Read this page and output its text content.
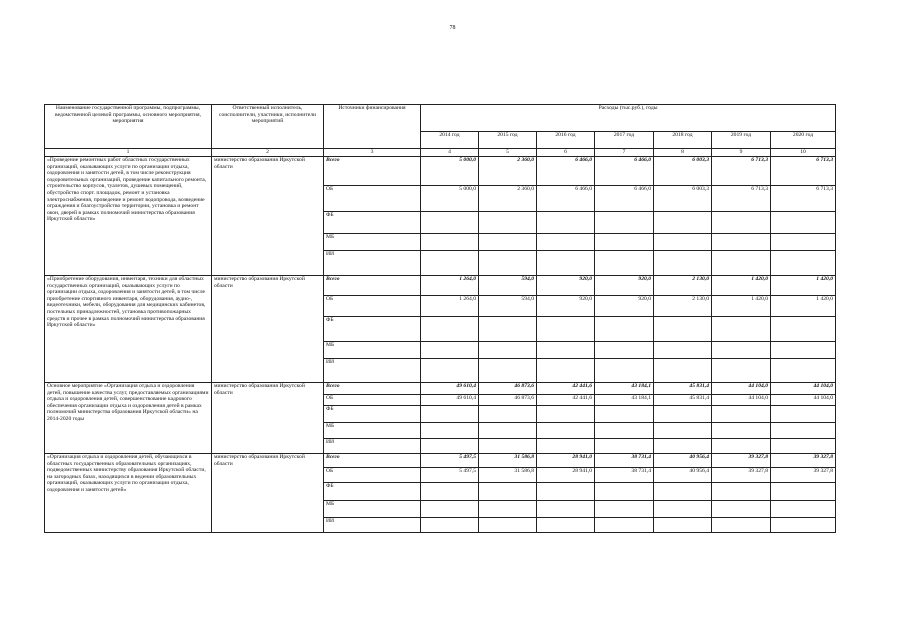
78
Наименование государственной программы, подпрограммы, ведомственной целевой программы, основного мероприятия, мероприятия	Ответственный исполнитель, соисполнители, участники, исполнители мероприятий	Источники финансирования	Расходы (тыс.руб.), годы						
			2014 год	2015 год	2016 год	2017 год	2018 год	2019 год	2020 год
1	2	3	4	5	6	7	8	9	10
«Проведение ремонтных работ областных государственных организаций, оказывающих услуги по организации отдыха, оздоровления и занятости детей, в том числе реконструкция оздоровительных организаций, проведение капитального ремонта, строительство корпусов, туалетов, душевых помещений, обустройство спорт. площадок, ремонт и установка электроснабжения, проведение и ремонт водопровода, возведение ограждения и благоустройство территории, установка и ремонт окон, дверей в рамках полномочий министерства образования Иркутской области»	министерство образования Иркутской области	Всего	5 000,0	2 360,0	6 466,0	6 466,0	6 003,3	6 713,3	6 713,3
		ОБ	5 000,0	2 360,0	6 466,0	6 466,0	6 003,3	6 713,3	6 713,3
		ФБ							
		МБ							
		ИИ							
«Приобретение оборудования, инвентаря, техники для областных государственных организаций, оказывающих услуги по организации отдыха, оздоровления и занятости детей, в том числе приобретение спортивного инвентаря, оборудования, аудио-, видеотехники, мебели, оборудования для медицинских кабинетов, постельных принадлежностей, установка противопожарных средств и прочее в рамках полномочий министерства образования Иркутской области»	министерство образования Иркутской области	Всего	1 264,0	594,0	920,0	920,0	2 130,0	1 420,0	1 420,0
		ОБ	1 264,0	594,0	920,0	920,0	2 130,0	1 420,0	1 420,0
		ФБ							
		МБ							
		ИИ							
Основное мероприятие «Организация отдыха и оздоровления детей, повышение качества услуг, предоставляемых организациями отдыха и оздоровления детей, совершенствование кадрового обеспечения организации отдыха и оздоровления детей в рамках полномочий министерства образования Иркутской области» на 2014-2020 годы	министерство образования Иркутской области	Всего	49 610,4	46 873,6	42 441,6	43 184,1	45 831,4	44 104,0	44 104,0
		ОБ	49 610,4	46 873,6	42 441,6	43 184,1	45 831,4	44 104,0	44 104,0
		ФБ							
		МБ							
		ИИ							
«Организация отдыха и оздоровления детей, обучающихся в областных государственных образовательных организациях, подведомственных министерству образования Иркутской области, на загородных базах, находящихся в ведении образовательных организаций, оказывающих услуги по организации отдыха, оздоровления и занятости детей»	министерство образования Иркутской области	Всего	5 497,5	31 586,8	28 941,0	38 731,4	40 956,4	39 327,8	39 327,8
		ОБ	5 497,5	31 586,8	28 941,0	38 731,4	40 956,4	39 327,8	39 327,8
		ФБ							
		МБ							
		ИИ							
